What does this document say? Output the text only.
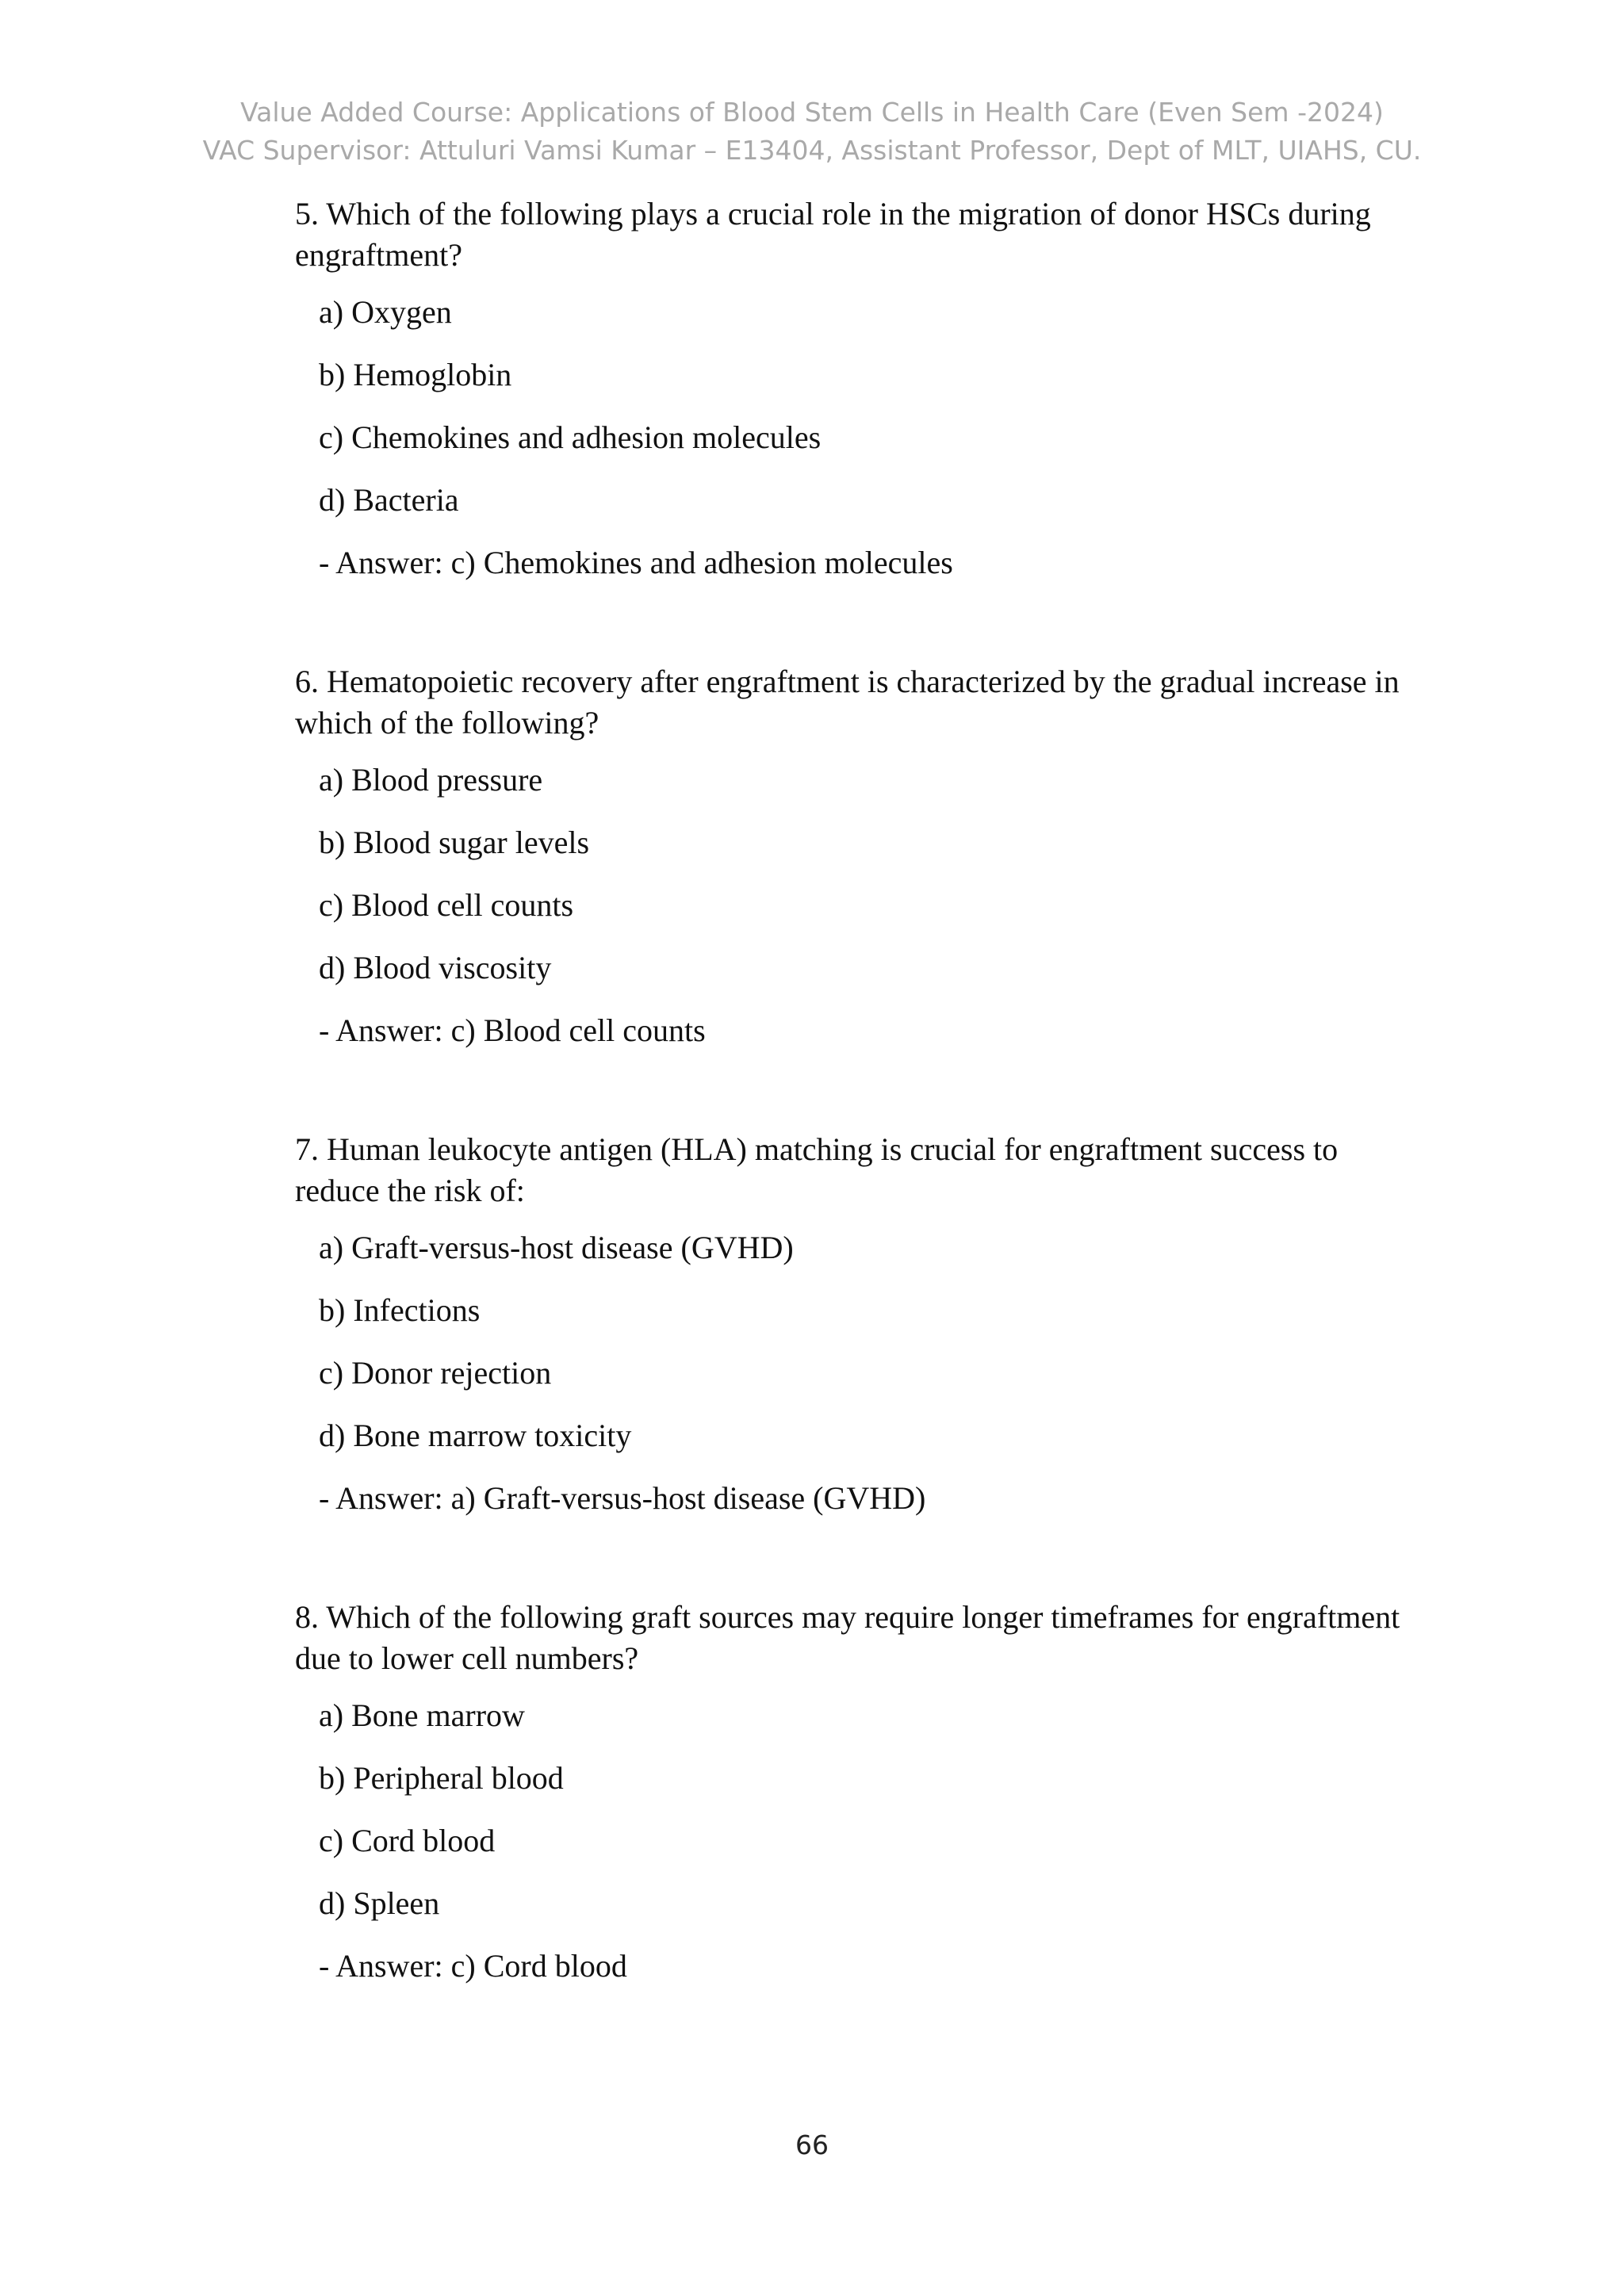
Value Added Course: Applications of Blood Stem Cells in Health Care (Even Sem -2024)
VAC Supervisor: Attuluri Vamsi Kumar – E13404, Assistant Professor, Dept of MLT, UIAHS, CU.

5. Which of the following plays a crucial role in the migration of donor HSCs during engraftment?

a) Oxygen
b) Hemoglobin
c) Chemokines and adhesion molecules
d) Bacteria

- Answer: c) Chemokines and adhesion molecules

6. Hematopoietic recovery after engraftment is characterized by the gradual increase in which of the following?

a) Blood pressure
b) Blood sugar levels
c) Blood cell counts
d) Blood viscosity

- Answer: c) Blood cell counts

7. Human leukocyte antigen (HLA) matching is crucial for engraftment success to reduce the risk of:

a) Graft-versus-host disease (GVHD)
b) Infections
c) Donor rejection
d) Bone marrow toxicity

- Answer: a) Graft-versus-host disease (GVHD)

8. Which of the following graft sources may require longer timeframes for engraftment due to lower cell numbers?

a) Bone marrow
b) Peripheral blood
c) Cord blood
d) Spleen

- Answer: c) Cord blood

66
